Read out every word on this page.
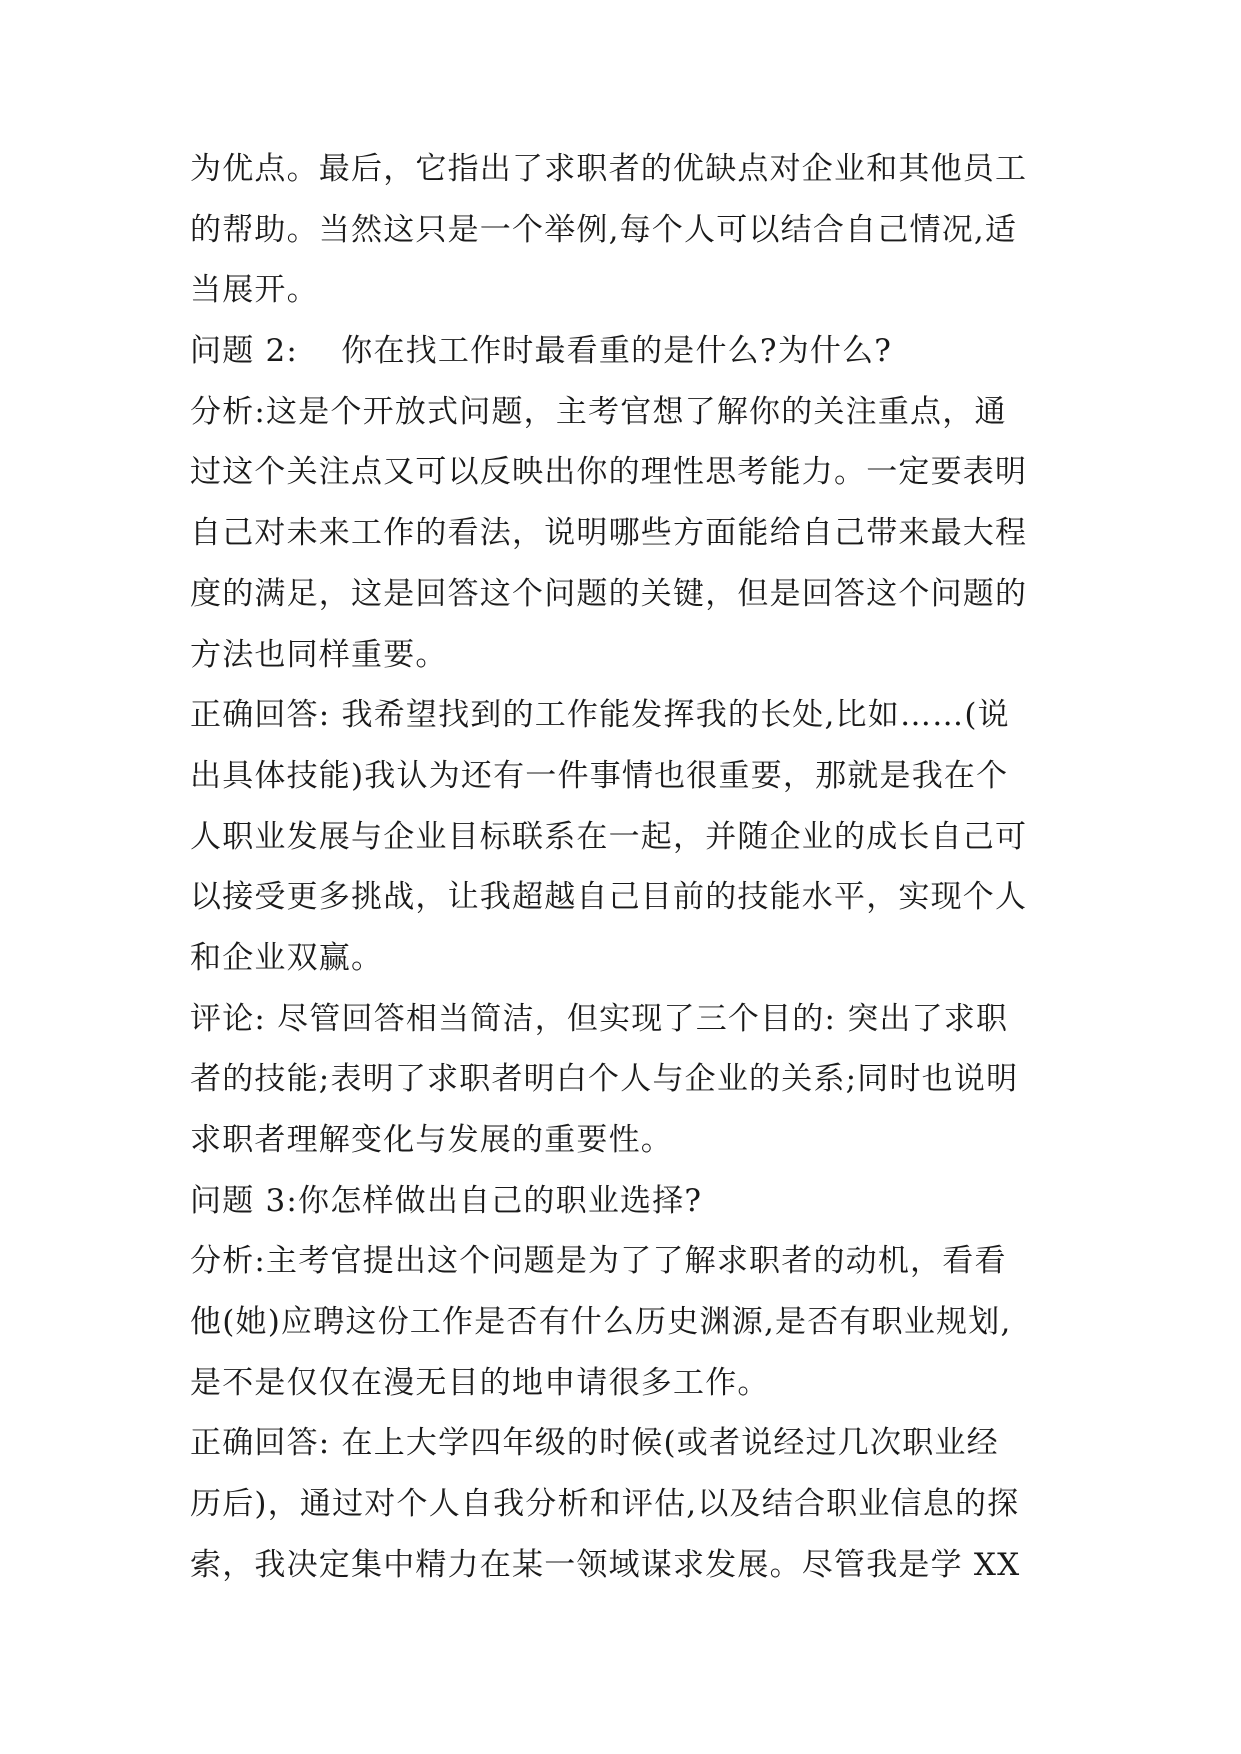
为优点。最后，它指出了求职者的优缺点对企业和其他员工
的帮助。当然这只是一个举例,每个人可以结合自己情况,适
当展开。
问题 2:　 你在找工作时最看重的是什么?为什么?
分析:这是个开放式问题，主考官想了解你的关注重点，通
过这个关注点又可以反映出你的理性思考能力。一定要表明
自己对未来工作的看法，说明哪些方面能给自己带来最大程
度的满足，这是回答这个问题的关键，但是回答这个问题的
方法也同样重要。
正确回答: 我希望找到的工作能发挥我的长处,比如……(说
出具体技能)我认为还有一件事情也很重要，那就是我在个
人职业发展与企业目标联系在一起，并随企业的成长自己可
以接受更多挑战，让我超越自己目前的技能水平，实现个人
和企业双赢。
评论: 尽管回答相当简洁，但实现了三个目的: 突出了求职
者的技能;表明了求职者明白个人与企业的关系;同时也说明
求职者理解变化与发展的重要性。
问题 3:你怎样做出自己的职业选择?
分析:主考官提出这个问题是为了了解求职者的动机，看看
他(她)应聘这份工作是否有什么历史渊源,是否有职业规划,
是不是仅仅在漫无目的地申请很多工作。
正确回答: 在上大学四年级的时候(或者说经过几次职业经
历后)，通过对个人自我分析和评估,以及结合职业信息的探
索，我决定集中精力在某一领域谋求发展。尽管我是学 XX
